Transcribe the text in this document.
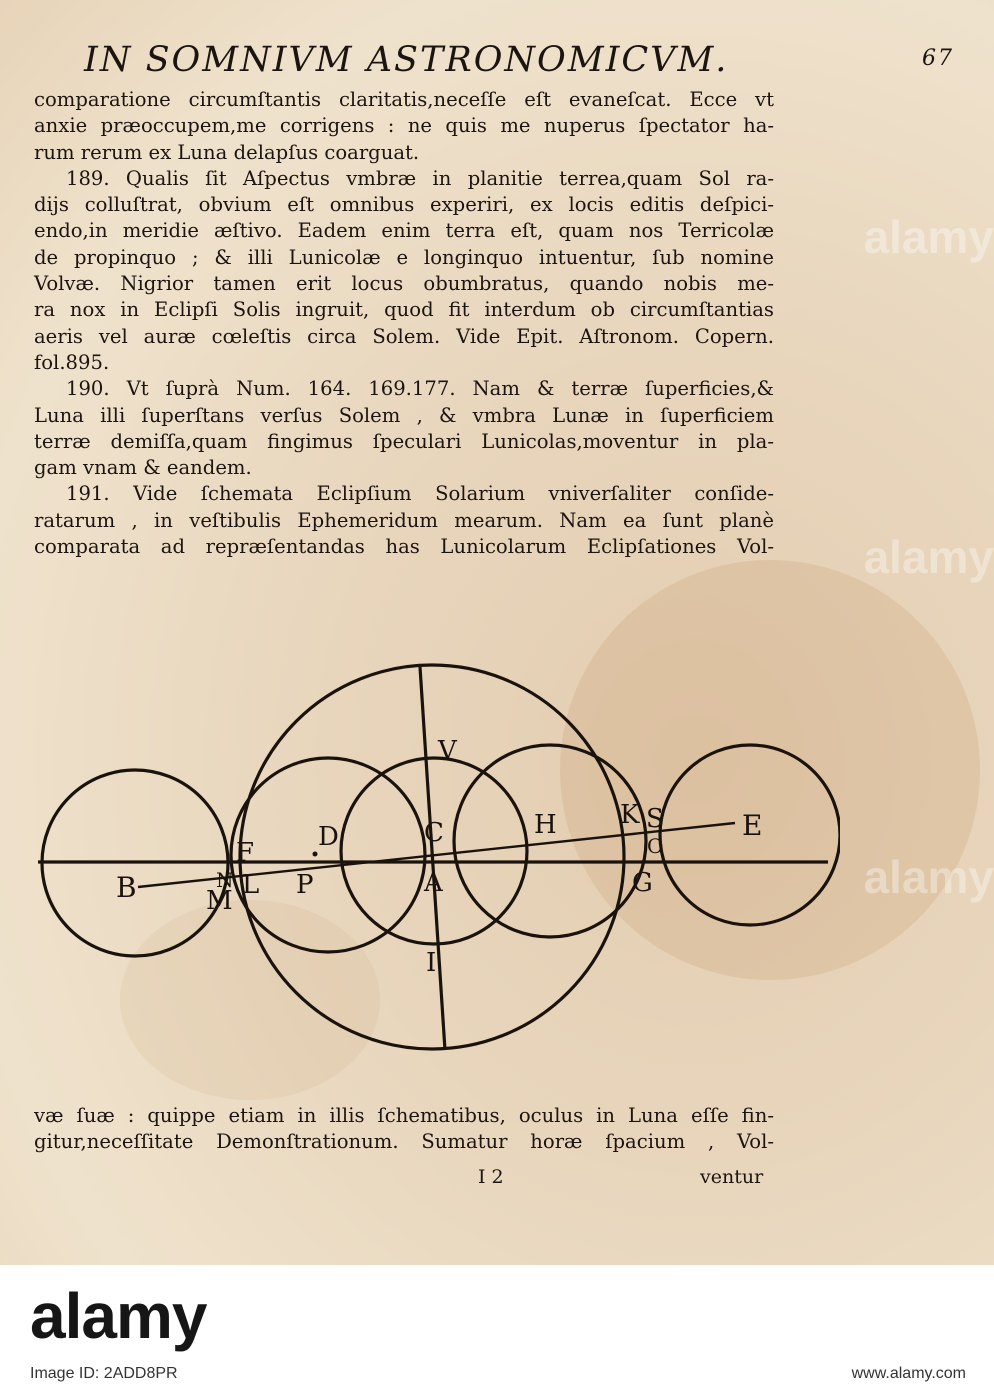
IN SOMNIVM ASTRONOMICVM.	67
comparatione circumſtantis claritatis,neceſſe eſt evaneſcat. Ecce vt
anxie præoccupem,me corrigens : ne quis me nuperus ſpectator ha-
rum rerum ex Luna delapſus coarguat.
189. Qualis ſit Aſpectus vmbræ in planitie terrea,quam Sol ra-
dijs colluſtrat, obvium eſt omnibus experiri, ex locis editis deſpici-
endo,in meridie æſtivo. Eadem enim terra eſt, quam nos Terricolæ
de propinquo ; & illi Lunicolæ e longinquo intuentur, ſub nomine
Volvæ. Nigrior tamen erit locus obumbratus, quando nobis me-
ra nox in Eclipſi Solis ingruit, quod fit interdum ob circumſtantias
aeris vel auræ cœleſtis circa Solem. Vide Epit. Aſtronom. Copern.
fol.895.
190. Vt ſuprà Num. 164. 169.177. Nam & terræ ſuperficies,&
Luna illi ſuperſtans verſus Solem , & vmbra Lunæ in ſuperficiem
terræ demiſſa,quam fingimus ſpeculari Lunicolas,moventur in pla-
gam vnam & eandem.
191. Vide ſchemata Eclipſium Solarium vniverſaliter conſide-
ratarum , in veſtibulis Ephemeridum mearum. Nam ea ſunt planè
comparata ad repræſentandas has Lunicolarum Eclipſationes Vol-
V
D	C	H K S	E
F	O
B	N L P	A	G
M
I
væ ſuæ : quippe etiam in illis ſchematibus, oculus in Luna eſſe fin-
gitur,neceſſitate Demonſtrationum. Sumatur horæ ſpacium , Vol-
I 2	ventur
alamy
alamy
alamy
alamy
Image ID: 2ADD8PR	www.alamy.com
